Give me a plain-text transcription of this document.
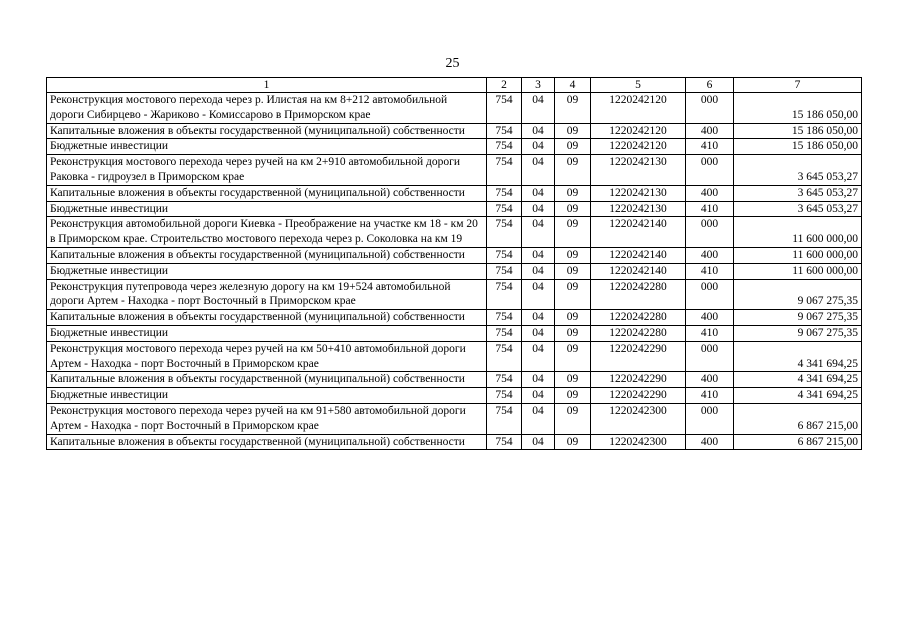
25
1	2	3	4	5	6	7
Реконструкция мостового перехода через р. Илистая на км 8+212 автомобильной дороги Сибирцево - Жариково - Комиссарово в Приморском крае	754	04	09	1220242120	000	15 186 050,00
Капитальные вложения в объекты государственной (муниципальной) собственности	754	04	09	1220242120	400	15 186 050,00
Бюджетные инвестиции	754	04	09	1220242120	410	15 186 050,00
Реконструкция мостового перехода через ручей на км 2+910 автомобильной дороги Раковка - гидроузел в Приморском крае	754	04	09	1220242130	000	3 645 053,27
Капитальные вложения в объекты государственной (муниципальной) собственности	754	04	09	1220242130	400	3 645 053,27
Бюджетные инвестиции	754	04	09	1220242130	410	3 645 053,27
Реконструкция автомобильной дороги Киевка - Преображение на участке км 18 - км 20 в Приморском крае. Строительство мостового перехода через р. Соколовка на км 19	754	04	09	1220242140	000	11 600 000,00
Капитальные вложения в объекты государственной (муниципальной) собственности	754	04	09	1220242140	400	11 600 000,00
Бюджетные инвестиции	754	04	09	1220242140	410	11 600 000,00
Реконструкция путепровода через железную дорогу на км 19+524 автомобильной дороги Артем - Находка - порт Восточный в Приморском крае	754	04	09	1220242280	000	9 067 275,35
Капитальные вложения в объекты государственной (муниципальной) собственности	754	04	09	1220242280	400	9 067 275,35
Бюджетные инвестиции	754	04	09	1220242280	410	9 067 275,35
Реконструкция мостового перехода через ручей на км 50+410 автомобильной дороги Артем - Находка - порт Восточный в Приморском крае	754	04	09	1220242290	000	4 341 694,25
Капитальные вложения в объекты государственной (муниципальной) собственности	754	04	09	1220242290	400	4 341 694,25
Бюджетные инвестиции	754	04	09	1220242290	410	4 341 694,25
Реконструкция мостового перехода через ручей на км 91+580 автомобильной дороги Артем - Находка - порт Восточный в Приморском крае	754	04	09	1220242300	000	6 867 215,00
Капитальные вложения в объекты государственной (муниципальной) собственности	754	04	09	1220242300	400	6 867 215,00
